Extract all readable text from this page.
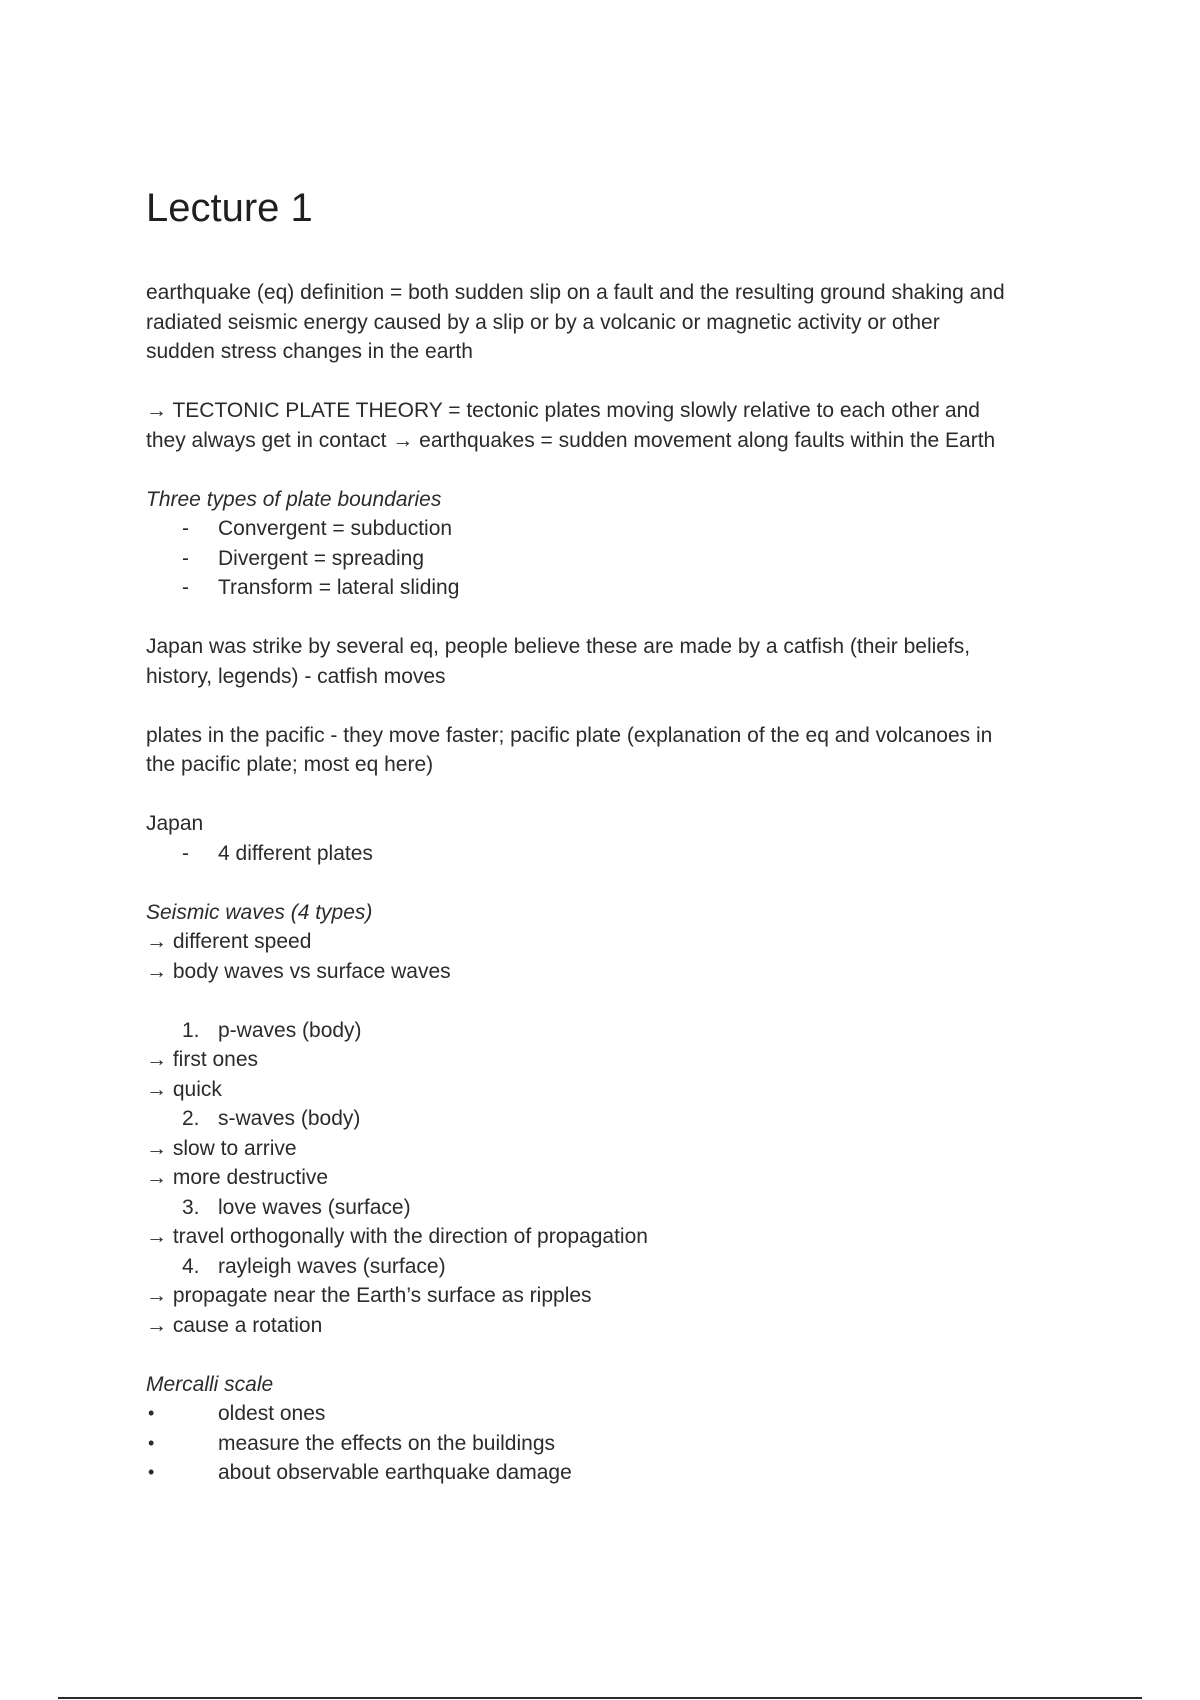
Lecture 1
earthquake (eq) definition = both sudden slip on a fault and the resulting ground shaking and
radiated seismic energy caused by a slip or by a volcanic or magnetic activity or other
sudden stress changes in the earth
→ TECTONIC PLATE THEORY = tectonic plates moving slowly relative to each other and
they always get in contact → earthquakes = sudden movement along faults within the Earth
Three types of plate boundaries
- Convergent = subduction
- Divergent = spreading
- Transform = lateral sliding
Japan was strike by several eq, people believe these are made by a catfish (their beliefs,
history, legends) - catfish moves
plates in the pacific - they move faster; pacific plate (explanation of the eq and volcanoes in
the pacific plate; most eq here)
Japan
- 4 different plates
Seismic waves (4 types)
→ different speed
→ body waves vs surface waves
1. p-waves (body)
→ first ones
→ quick
2. s-waves (body)
→ slow to arrive
→ more destructive
3. love waves (surface)
→ travel orthogonally with the direction of propagation
4. rayleigh waves (surface)
→ propagate near the Earth’s surface as ripples
→ cause a rotation
Mercalli scale
•	oldest ones
•	measure the effects on the buildings
•	about observable earthquake damage
